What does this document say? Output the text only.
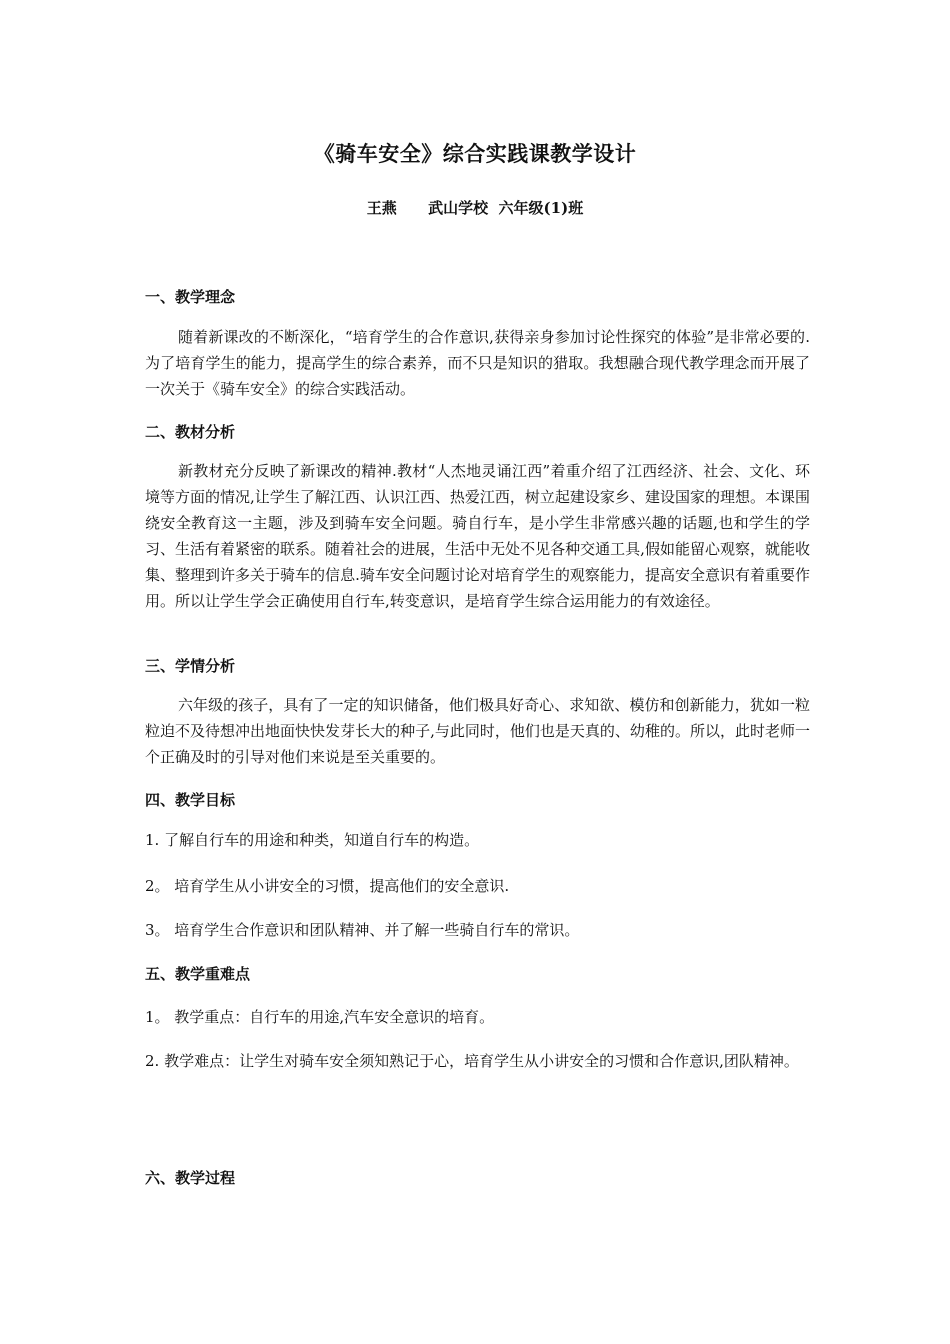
《骑车安全》综合实践课教学设计
王燕      武山学校  六年级(1)班
一、教学理念
随着新课改的不断深化，“培育学生的合作意识,获得亲身参加讨论性探究的体验”是非常必要的.为了培育学生的能力，提高学生的综合素养，而不只是知识的猎取。我想融合现代教学理念而开展了一次关于《骑车安全》的综合实践活动。
二、教材分析
新教材充分反映了新课改的精神.教材“人杰地灵诵江西”着重介绍了江西经济、社会、文化、环境等方面的情况,让学生了解江西、认识江西、热爱江西，树立起建设家乡、建设国家的理想。本课围绕安全教育这一主题，涉及到骑车安全问题。骑自行车，是小学生非常感兴趣的话题,也和学生的学习、生活有着紧密的联系。随着社会的进展，生活中无处不见各种交通工具,假如能留心观察，就能收集、整理到许多关于骑车的信息.骑车安全问题讨论对培育学生的观察能力，提高安全意识有着重要作用。所以让学生学会正确使用自行车,转变意识，是培育学生综合运用能力的有效途径。
三、学情分析
六年级的孩子，具有了一定的知识储备，他们极具好奇心、求知欲、模仿和创新能力，犹如一粒粒迫不及待想冲出地面快快发芽长大的种子,与此同时，他们也是天真的、幼稚的。所以，此时老师一个正确及时的引导对他们来说是至关重要的。
四、教学目标
1. 了解自行车的用途和种类，知道自行车的构造。
2。 培育学生从小讲安全的习惯，提高他们的安全意识.
3。 培育学生合作意识和团队精神、并了解一些骑自行车的常识。
五、教学重难点
1。 教学重点：自行车的用途,汽车安全意识的培育。
2. 教学难点：让学生对骑车安全须知熟记于心，培育学生从小讲安全的习惯和合作意识,团队精神。
六、教学过程
